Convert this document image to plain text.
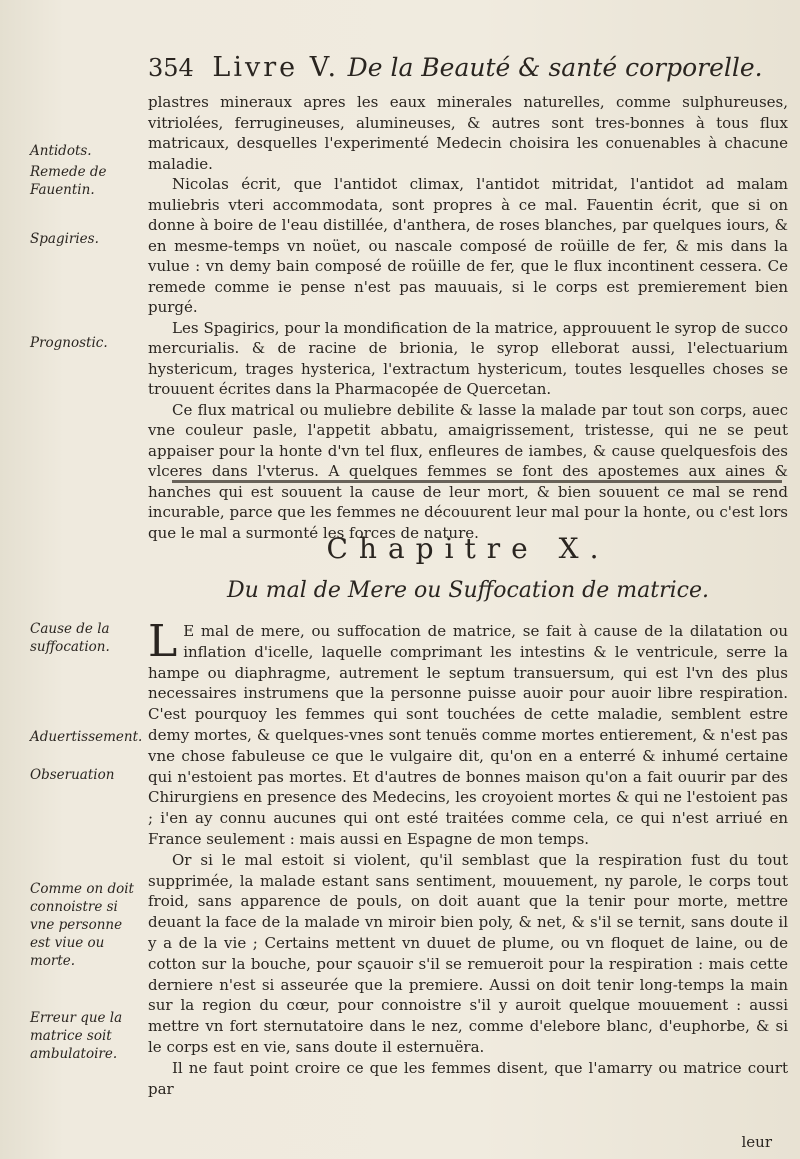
354 Livre V. De la Beauté & santé corporelle.

plastres mineraux apres les eaux minerales naturelles, comme sulphureuses, vitriolées, ferrugineuses, alumineuses, & autres sont tres-bonnes à tous flux matricaux, desquelles l'experimenté Medecin choisira les conuenables à chacune maladie.

Nicolas écrit, que l'antidot climax, l'antidot mitridat, l'antidot ad malam muliebris vteri accommodata, sont propres à ce mal. Fauentin écrit, que si on donne à boire de l'eau distillée, d'anthera, de roses blanches, par quelques iours, & en mesme-temps vn noüet, ou nascale composé de roüille de fer, & mis dans la vulue : vn demy bain composé de roüille de fer, que le flux incontinent cessera. Ce remede comme ie pense n'est pas mauuais, si le corps est premierement bien purgé.

Les Spagirics, pour la mondification de la matrice, approuuent le syrop de succo mercurialis. & de racine de brionia, le syrop elleborat aussi, l'electuarium hystericum, trages hysterica, l'extractum hystericum, toutes lesquelles choses se trouuent écrites dans la Pharmacopée de Quercetan.

Ce flux matrical ou muliebre debilite & lasse la malade par tout son corps, auec vne couleur pasle, l'appetit abbatu, amaigrissement, tristesse, qui ne se peut appaiser pour la honte d'vn tel flux, enfleures de iambes, & cause quelquesfois des vlceres dans l'vterus. A quelques femmes se font des apostemes aux aines & hanches qui est souuent la cause de leur mort, & bien souuent ce mal se rend incurable, parce que les femmes ne découurent leur mal pour la honte, ou c'est lors que le mal a surmonté les forces de nature.

Antidots.
Remede de Fauentin.
Spagiries.
Prognostic.
Chapitre X.
Du mal de Mere ou Suffocation de matrice.

L E mal de mere, ou suffocation de matrice, se fait à cause de la dilatation ou inflation d'icelle, laquelle comprimant les intestins & le ventricule, serre la hampe ou diaphragme, autrement le septum transuersum, qui est l'vn des plus necessaires instrumens que la personne puisse auoir pour auoir libre respiration. C'est pourquoy les femmes qui sont touchées de cette maladie, semblent estre demy mortes, & quelques-vnes sont tenuës comme mortes entierement, & n'est pas vne chose fabuleuse ce que le vulgaire dit, qu'on en a enterré & inhumé certaine qui n'estoient pas mortes. Et d'autres de bonnes maison qu'on a fait ouurir par des Chirurgiens en presence des Medecins, les croyoient mortes & qui ne l'estoient pas ; i'en ay connu aucunes qui ont esté traitées comme cela, ce qui n'est arriué en France seulement : mais aussi en Espagne de mon temps.

Or si le mal estoit si violent, qu'il semblast que la respiration fust du tout supprimée, la malade estant sans sentiment, mouuement, ny parole, le corps tout froid, sans apparence de pouls, on doit auant que la tenir pour morte, mettre deuant la face de la malade vn miroir bien poly, & net, & s'il se ternit, sans doute il y a de la vie ; Certains mettent vn duuet de plume, ou vn floquet de laine, ou de cotton sur la bouche, pour sçauoir s'il se remueroit pour la respiration : mais cette derniere n'est si asseurée que la premiere. Aussi on doit tenir long-temps la main sur la region du cœur, pour connoistre s'il y auroit quelque mouuement : aussi mettre vn fort sternutatoire dans le nez, comme d'elebore blanc, d'euphorbe, & si le corps est en vie, sans doute il esternuëra.

Il ne faut point croire ce que les femmes disent, que l'amarry ou matrice court par

Cause de la suffocation.
Aduertissement.
Obseruation
Comme on doit connoistre si vne personne est viue ou morte.
Erreur que la matrice soit ambulatoire.
leur
